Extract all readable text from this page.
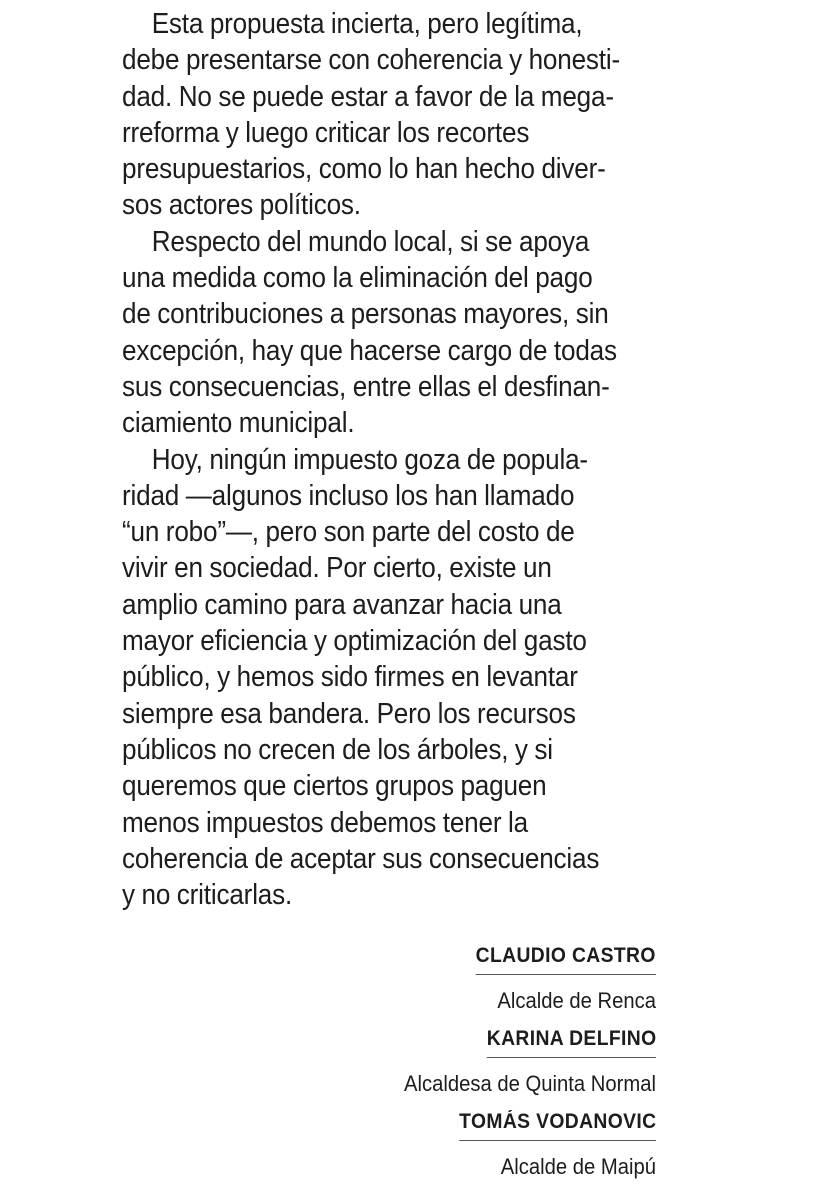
Esta propuesta incierta, pero legítima,
debe presentarse con coherencia y honesti-
dad. No se puede estar a favor de la mega-
rreforma y luego criticar los recortes
presupuestarios, como lo han hecho diver-
sos actores políticos.
Respecto del mundo local, si se apoya
una medida como la eliminación del pago
de contribuciones a personas mayores, sin
excepción, hay que hacerse cargo de todas
sus consecuencias, entre ellas el desfinan-
ciamiento municipal.
Hoy, ningún impuesto goza de popula-
ridad —algunos incluso los han llamado
“un robo”—, pero son parte del costo de
vivir en sociedad. Por cierto, existe un
amplio camino para avanzar hacia una
mayor eficiencia y optimización del gasto
público, y hemos sido firmes en levantar
siempre esa bandera. Pero los recursos
públicos no crecen de los árboles, y si
queremos que ciertos grupos paguen
menos impuestos debemos tener la
coherencia de aceptar sus consecuencias
y no criticarlas.
CLAUDIO CASTRO
Alcalde de Renca
KARINA DELFINO
Alcaldesa de Quinta Normal
TOMÁS VODANOVIC
Alcalde de Maipú
